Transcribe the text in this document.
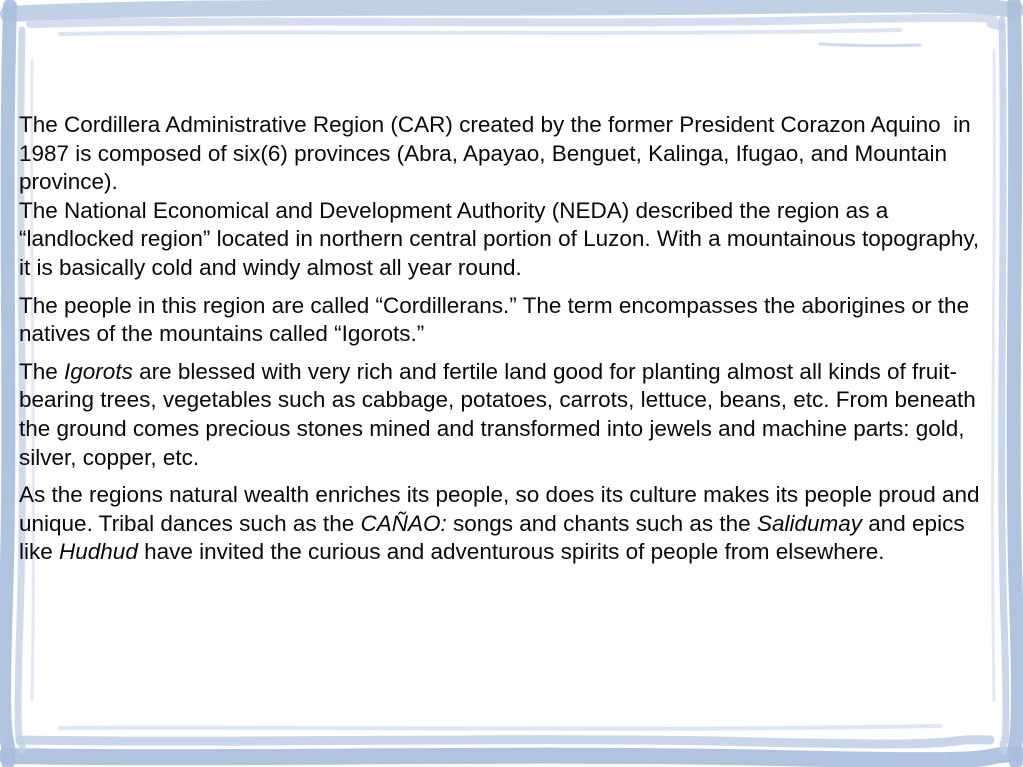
The Cordillera Administrative Region (CAR) created by the former President Corazon Aquino  in 1987 is composed of six(6) provinces (Abra, Apayao, Benguet, Kalinga, Ifugao, and Mountain province).
The National Economical and Development Authority (NEDA) described the region as a “landlocked region” located in northern central portion of Luzon. With a mountainous topography, it is basically cold and windy almost all year round.

The people in this region are called “Cordillerans.” The term encompasses the aborigines or the natives of the mountains called “Igorots.”

The Igorots are blessed with very rich and fertile land good for planting almost all kinds of fruit-bearing trees, vegetables such as cabbage, potatoes, carrots, lettuce, beans, etc. From beneath the ground comes precious stones mined and transformed into jewels and machine parts: gold, silver, copper, etc.

As the regions natural wealth enriches its people, so does its culture makes its people proud and unique. Tribal dances such as the CAÑAO: songs and chants such as the Salidumay and epics like Hudhud have invited the curious and adventurous spirits of people from elsewhere.
